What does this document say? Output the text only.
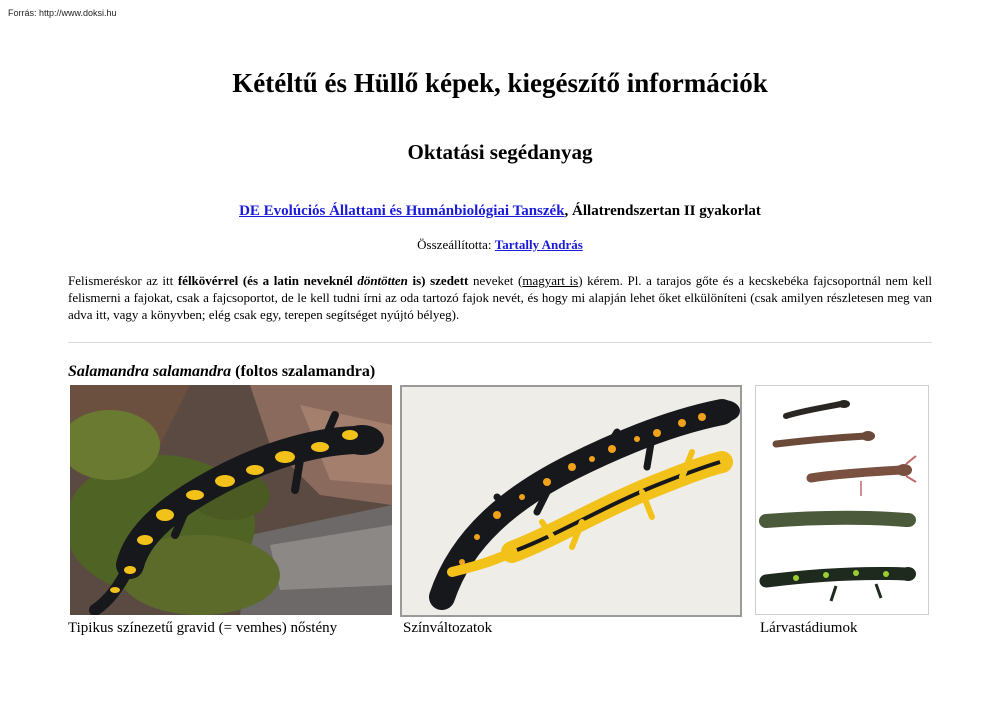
Forrás: http://www.doksi.hu
Kétéltű és Hüllő képek, kiegészítő információk
Oktatási segédanyag
DE Evolúciós Állattani és Humánbiológiai Tanszék, Állatrendszertan II gyakorlat
Összeállította: Tartally András
Felismeréskor az itt félkövérrel (és a latin neveknél döntötten is) szedett neveket (magyart is) kérem. Pl. a tarajos gőte és a kecskebéka fajcsoportnál nem kell felismerni a fajokat, csak a fajcsoportot, de le kell tudni írni az oda tartozó fajok nevét, és hogy mi alapján lehet őket elkülöníteni (csak amilyen részletesen meg van adva itt, vagy a könyvben; elég csak egy, terepen segítséget nyújtó bélyeg).
Salamandra salamandra (foltos szalamandra)
Tipikus színezetű gravid (= vemhes) nőstény	Színváltozatok	Lárvastádiumok
